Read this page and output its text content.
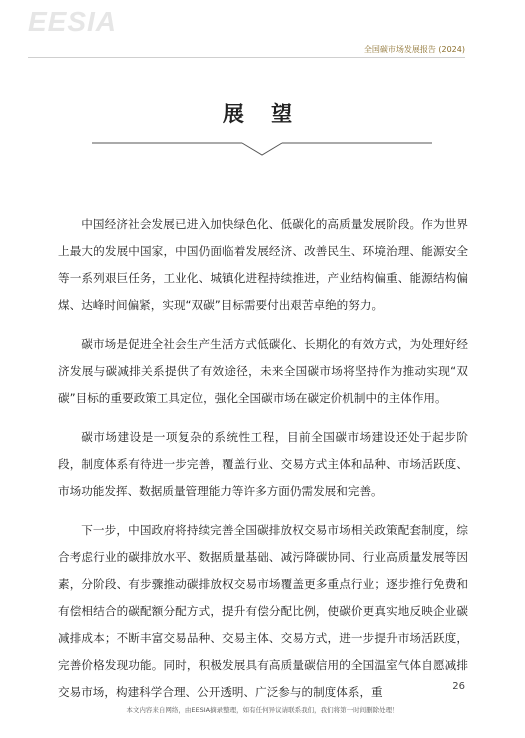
EESIA
全国碳市场发展报告 (2024)
展 望

中国经济社会发展已进入加快绿色化、低碳化的高质量发展阶段。作为世界上最大的发展中国家，中国仍面临着发展经济、改善民生、环境治理、能源安全等一系列艰巨任务，工业化、城镇化进程持续推进，产业结构偏重、能源结构偏煤、达峰时间偏紧，实现“双碳”目标需要付出艰苦卓绝的努力。

碳市场是促进全社会生产生活方式低碳化、长期化的有效方式，为处理好经济发展与碳减排关系提供了有效途径，未来全国碳市场将坚持作为推动实现“双碳”目标的重要政策工具定位，强化全国碳市场在碳定价机制中的主体作用。

碳市场建设是一项复杂的系统性工程，目前全国碳市场建设还处于起步阶段，制度体系有待进一步完善，覆盖行业、交易方式主体和品种、市场活跃度、市场功能发挥、数据质量管理能力等许多方面仍需发展和完善。

下一步，中国政府将持续完善全国碳排放权交易市场相关政策配套制度，综合考虑行业的碳排放水平、数据质量基础、减污降碳协同、行业高质量发展等因素，分阶段、有步骤推动碳排放权交易市场覆盖更多重点行业；逐步推行免费和有偿相结合的碳配额分配方式，提升有偿分配比例，使碳价更真实地反映企业碳减排成本；不断丰富交易品种、交易主体、交易方式，进一步提升市场活跃度，完善价格发现功能。同时，积极发展具有高质量碳信用的全国温室气体自愿减排交易市场，构建科学合理、公开透明、广泛参与的制度体系，重	26
本文内容来自网络，由EESIA摘录整理，如有任何异议请联系我们，我们将第一时间删除处理！
